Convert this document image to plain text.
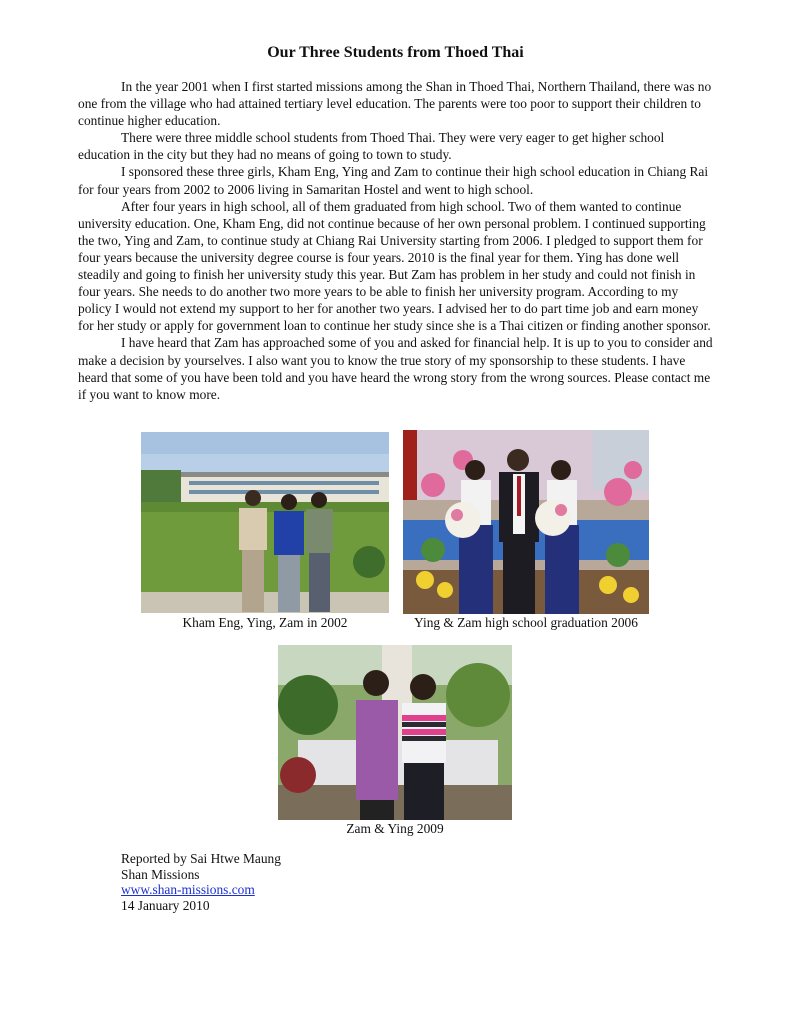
Our Three Students from Thoed Thai

In the year 2001 when I first started missions among the Shan in Thoed Thai, Northern Thailand, there was no one from the village who had attained tertiary level education. The parents were too poor to support their children to continue higher education.

There were three middle school students from Thoed Thai. They were very eager to get higher school education in the city but they had no means of going to town to study.

I sponsored these three girls, Kham Eng, Ying and Zam to continue their high school education in Chiang Rai for four years from 2002 to 2006 living in Samaritan Hostel and went to high school.

After four years in high school, all of them graduated from high school. Two of them wanted to continue university education. One, Kham Eng, did not continue because of her own personal problem. I continued supporting the two, Ying and Zam, to continue study at Chiang Rai University starting from 2006. I pledged to support them for four years because the university degree course is four years. 2010 is the final year for them. Ying has done well steadily and going to finish her university study this year. But Zam has problem in her study and could not finish in four years. She needs to do another two more years to be able to finish her university program. According to my policy I would not extend my support to her for another two years. I advised her to do part time job and earn money for her study or apply for government loan to continue her study since she is a Thai citizen or finding another sponsor.

I have heard that Zam has approached some of you and asked for financial help. It is up to you to consider and make a decision by yourselves. I also want you to know the true story of my sponsorship to these students. I have heard that some of you have been told and you have heard the wrong story from the wrong sources. Please contact me if you want to know more.

Kham Eng, Ying, Zam in 2002	Ying & Zam high school graduation 2006
Zam & Ying 2009
Reported by Sai Htwe Maung
Shan Missions
www.shan-missions.com
14 January 2010
